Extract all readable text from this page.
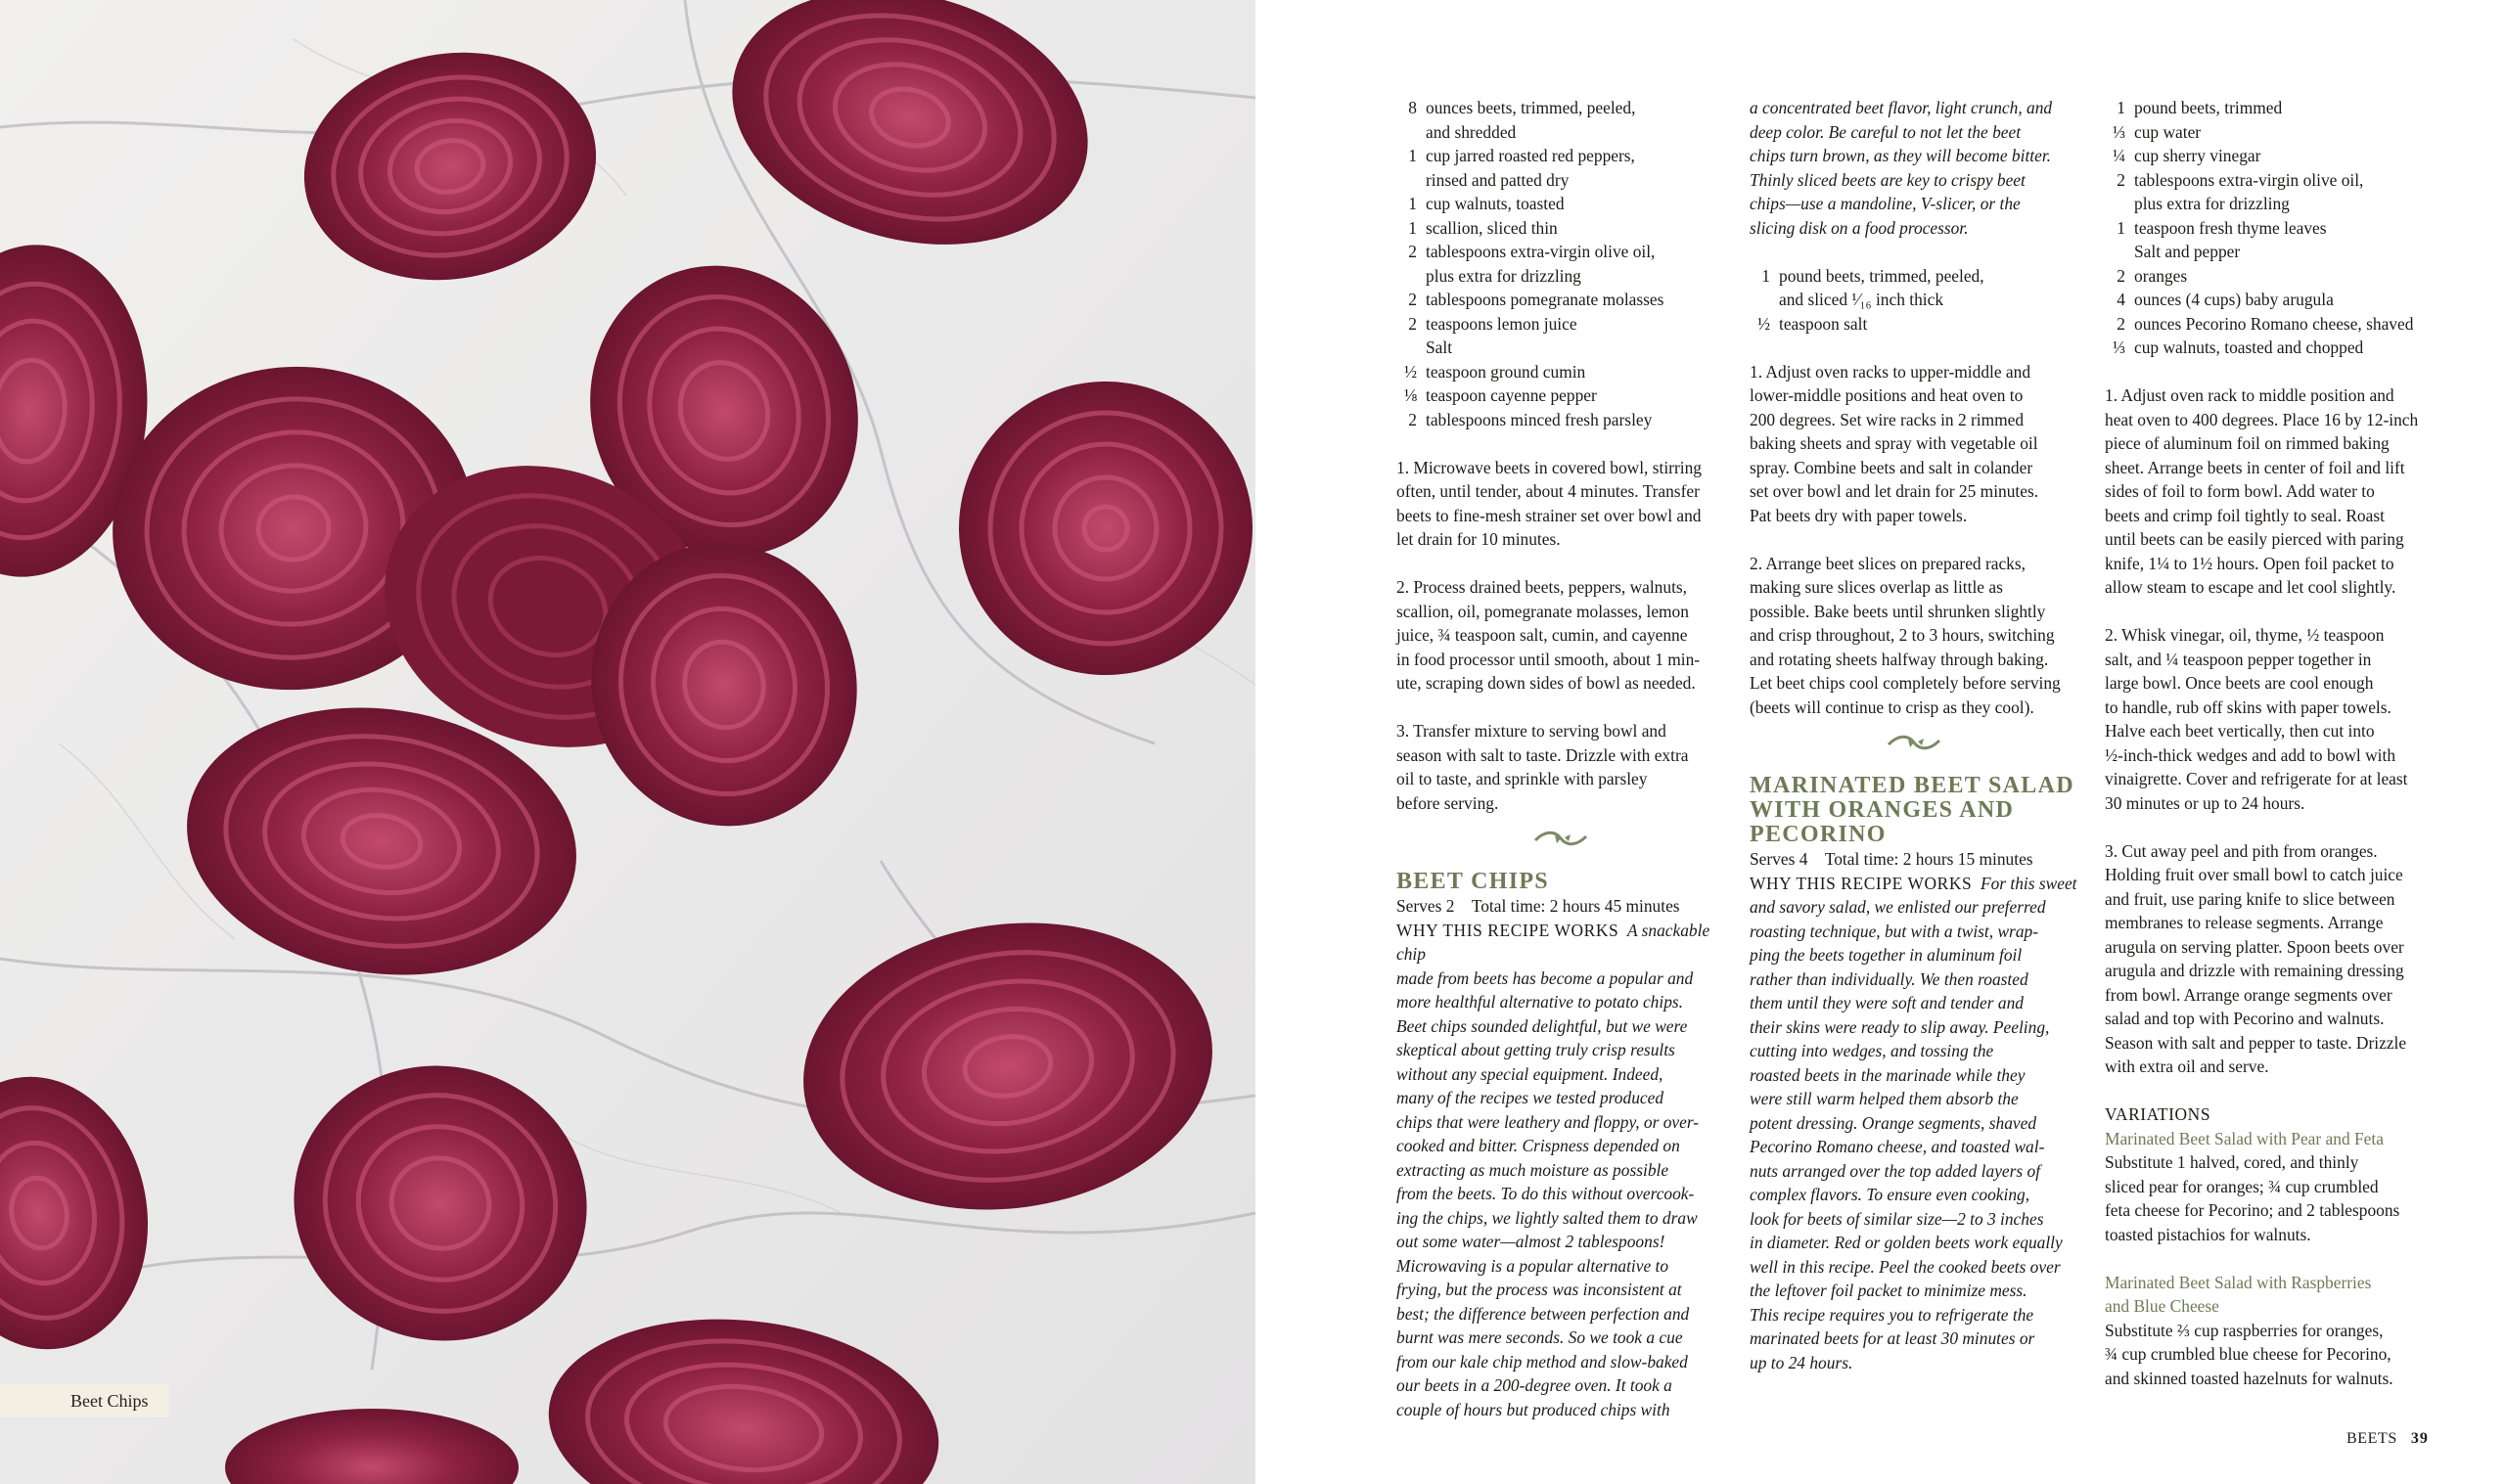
Beet Chips
8 ounces beets, trimmed, peeled,
and shredded
1 cup jarred roasted red peppers,
rinsed and patted dry
1 cup walnuts, toasted
1 scallion, sliced thin
2 tablespoons extra-virgin olive oil,
plus extra for drizzling
2 tablespoons pomegranate molasses
2 teaspoons lemon juice
Salt
½ teaspoon ground cumin
⅛ teaspoon cayenne pepper
2 tablespoons minced fresh parsley

1. Microwave beets in covered bowl, stirring
often, until tender, about 4 minutes. Transfer
beets to fine-mesh strainer set over bowl and
let drain for 10 minutes.

2. Process drained beets, peppers, walnuts,
scallion, oil, pomegranate molasses, lemon
juice, ¾ teaspoon salt, cumin, and cayenne
in food processor until smooth, about 1 min-
ute, scraping down sides of bowl as needed.

3. Transfer mixture to serving bowl and
season with salt to taste. Drizzle with extra
oil to taste, and sprinkle with parsley
before serving.

BEET CHIPS
Serves 2 Total time: 2 hours 45 minutes
WHY THIS RECIPE WORKS A snackable chip
made from beets has become a popular and
more healthful alternative to potato chips.
Beet chips sounded delightful, but we were
skeptical about getting truly crisp results
without any special equipment. Indeed,
many of the recipes we tested produced
chips that were leathery and floppy, or over-
cooked and bitter. Crispness depended on
extracting as much moisture as possible
from the beets. To do this without overcook-
ing the chips, we lightly salted them to draw
out some water—almost 2 tablespoons!
Microwaving is a popular alternative to
frying, but the process was inconsistent at
best; the difference between perfection and
burnt was mere seconds. So we took a cue
from our kale chip method and slow-baked
our beets in a 200-degree oven. It took a
couple of hours but produced chips with
a concentrated beet flavor, light crunch, and
deep color. Be careful to not let the beet
chips turn brown, as they will become bitter.
Thinly sliced beets are key to crispy beet
chips—use a mandoline, V-slicer, or the
slicing disk on a food processor.
1 pound beets, trimmed, peeled,
and sliced ¹⁄₁₆ inch thick
½ teaspoon salt

1. Adjust oven racks to upper-middle and
lower-middle positions and heat oven to
200 degrees. Set wire racks in 2 rimmed
baking sheets and spray with vegetable oil
spray. Combine beets and salt in colander
set over bowl and let drain for 25 minutes.
Pat beets dry with paper towels.

2. Arrange beet slices on prepared racks,
making sure slices overlap as little as
possible. Bake beets until shrunken slightly
and crisp throughout, 2 to 3 hours, switching
and rotating sheets halfway through baking.
Let beet chips cool completely before serving
(beets will continue to crisp as they cool).

MARINATED BEET SALAD
WITH ORANGES AND
PECORINO
Serves 4 Total time: 2 hours 15 minutes
WHY THIS RECIPE WORKS For this sweet
and savory salad, we enlisted our preferred
roasting technique, but with a twist, wrap-
ping the beets together in aluminum foil
rather than individually. We then roasted
them until they were soft and tender and
their skins were ready to slip away. Peeling,
cutting into wedges, and tossing the
roasted beets in the marinade while they
were still warm helped them absorb the
potent dressing. Orange segments, shaved
Pecorino Romano cheese, and toasted wal-
nuts arranged over the top added layers of
complex flavors. To ensure even cooking,
look for beets of similar size—2 to 3 inches
in diameter. Red or golden beets work equally
well in this recipe. Peel the cooked beets over
the leftover foil packet to minimize mess.
This recipe requires you to refrigerate the
marinated beets for at least 30 minutes or
up to 24 hours.
1 pound beets, trimmed
⅓ cup water
¼ cup sherry vinegar
2 tablespoons extra-virgin olive oil,
plus extra for drizzling
1 teaspoon fresh thyme leaves
Salt and pepper
2 oranges
4 ounces (4 cups) baby arugula
2 ounces Pecorino Romano cheese, shaved
⅓ cup walnuts, toasted and chopped

1. Adjust oven rack to middle position and
heat oven to 400 degrees. Place 16 by 12-inch
piece of aluminum foil on rimmed baking
sheet. Arrange beets in center of foil and lift
sides of foil to form bowl. Add water to
beets and crimp foil tightly to seal. Roast
until beets can be easily pierced with paring
knife, 1¼ to 1½ hours. Open foil packet to
allow steam to escape and let cool slightly.

2. Whisk vinegar, oil, thyme, ½ teaspoon
salt, and ¼ teaspoon pepper together in
large bowl. Once beets are cool enough
to handle, rub off skins with paper towels.
Halve each beet vertically, then cut into
½-inch-thick wedges and add to bowl with
vinaigrette. Cover and refrigerate for at least
30 minutes or up to 24 hours.

3. Cut away peel and pith from oranges.
Holding fruit over small bowl to catch juice
and fruit, use paring knife to slice between
membranes to release segments. Arrange
arugula on serving platter. Spoon beets over
arugula and drizzle with remaining dressing
from bowl. Arrange orange segments over
salad and top with Pecorino and walnuts.
Season with salt and pepper to taste. Drizzle
with extra oil and serve.

VARIATIONS
Marinated Beet Salad with Pear and Feta

Substitute 1 halved, cored, and thinly
sliced pear for oranges; ¾ cup crumbled
feta cheese for Pecorino; and 2 tablespoons
toasted pistachios for walnuts.

Marinated Beet Salad with Raspberries
and Blue Cheese
Substitute ⅔ cup raspberries for oranges,
¾ cup crumbled blue cheese for Pecorino,
and skinned toasted hazelnuts for walnuts.
BEETS 39
